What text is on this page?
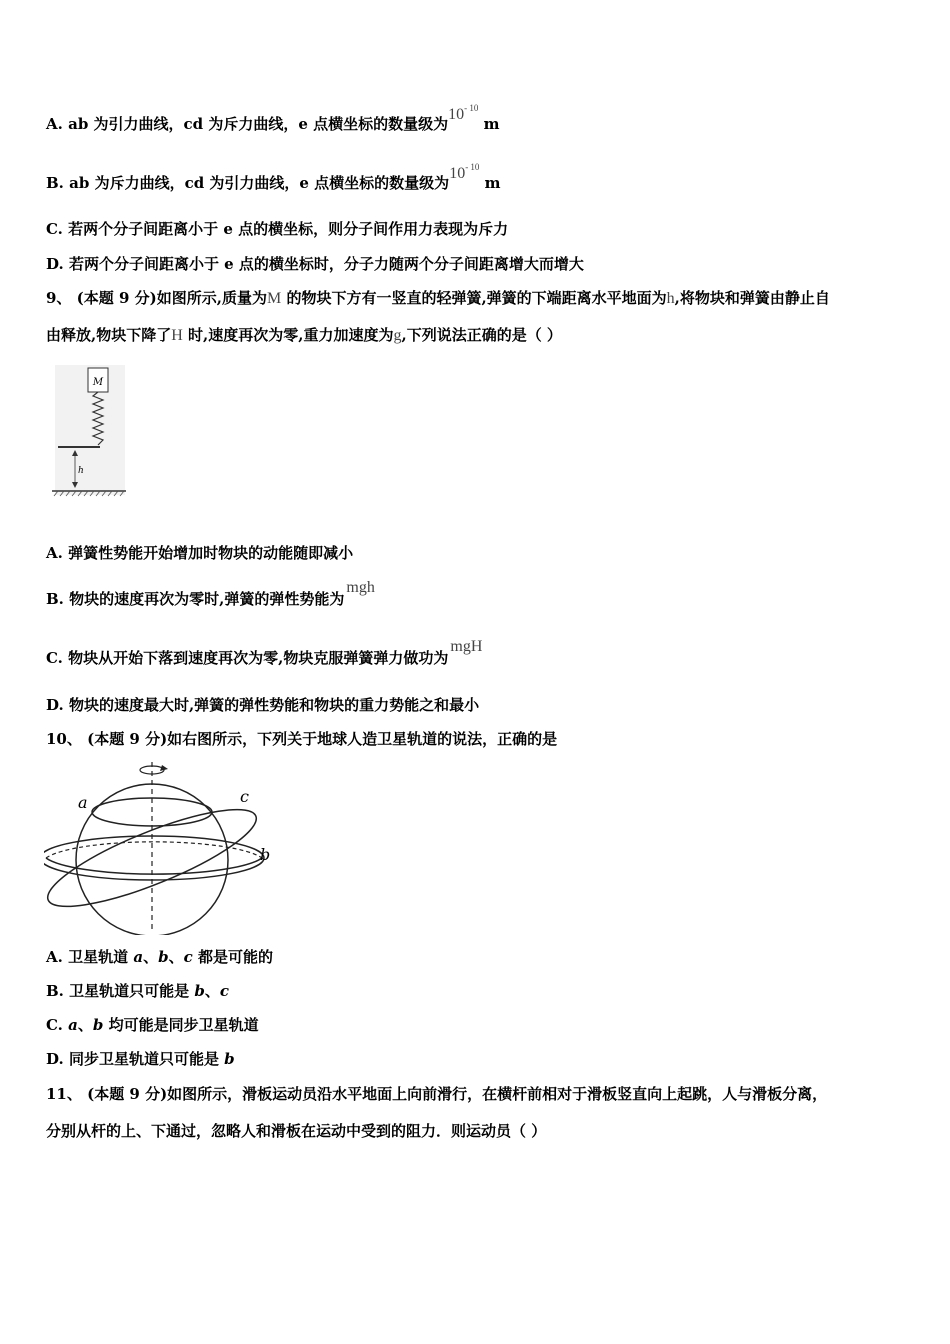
A. ab 为引力曲线，cd 为斥力曲线，e 点横坐标的数量级为$10^{- 10}$ m
B. ab 为斥力曲线，cd 为引力曲线，e 点横坐标的数量级为$10^{- 10}$ m
C. 若两个分子间距离小于 e 点的横坐标，则分子间作用力表现为斥力
D. 若两个分子间距离小于 e 点的横坐标时，分子力随两个分子间距离增大而增大
9、 (本题 9 分)如图所示,质量为M 的物块下方有一竖直的轻弹簧,弹簧的下端距离水平地面为h,将物块和弹簧由静止自
由释放,物块下降了H 时,速度再次为零,重力加速度为g,下列说法正确的是（ ）
M
h
A. 弹簧性势能开始增加时物块的动能随即减小
B. 物块的速度再次为零时,弹簧的弹性势能为mgh
C. 物块从开始下落到速度再次为零,物块克服弹簧弹力做功为mgH
D. 物块的速度最大时,弹簧的弹性势能和物块的重力势能之和最小
10、 (本题 9 分)如右图所示，下列关于地球人造卫星轨道的说法，正确的是
a
b
c
A. 卫星轨道 a、b、c 都是可能的
B. 卫星轨道只可能是 b、c
C. a、b 均可能是同步卫星轨道
D. 同步卫星轨道只可能是 b
11、 (本题 9 分)如图所示，滑板运动员沿水平地面上向前滑行，在横杆前相对于滑板竖直向上起跳，人与滑板分离，
分别从杆的上、下通过，忽略人和滑板在运动中受到的阻力．则运动员（ ）
